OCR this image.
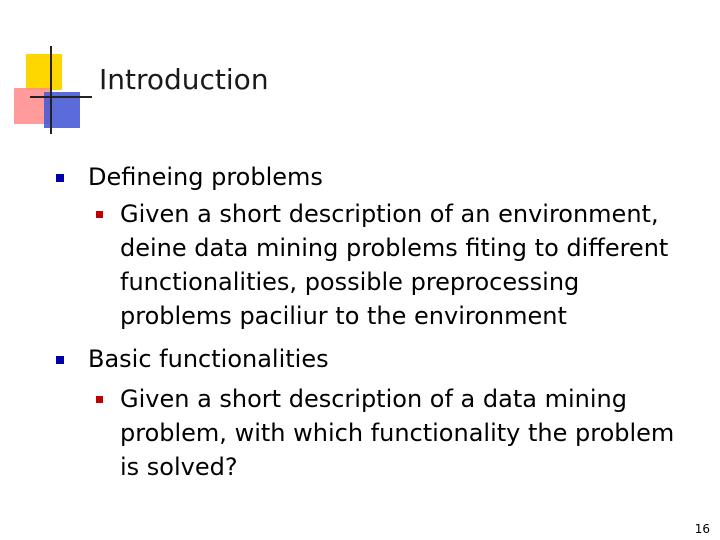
Introduction
Defineing problems
Given a short description of an environment, deine data mining problems fiting to different functionalities, possible preprocessing problems paciliur to the environment
Basic functionalities
Given a short description of a data mining problem, with which functionality the problem is solved?
16
